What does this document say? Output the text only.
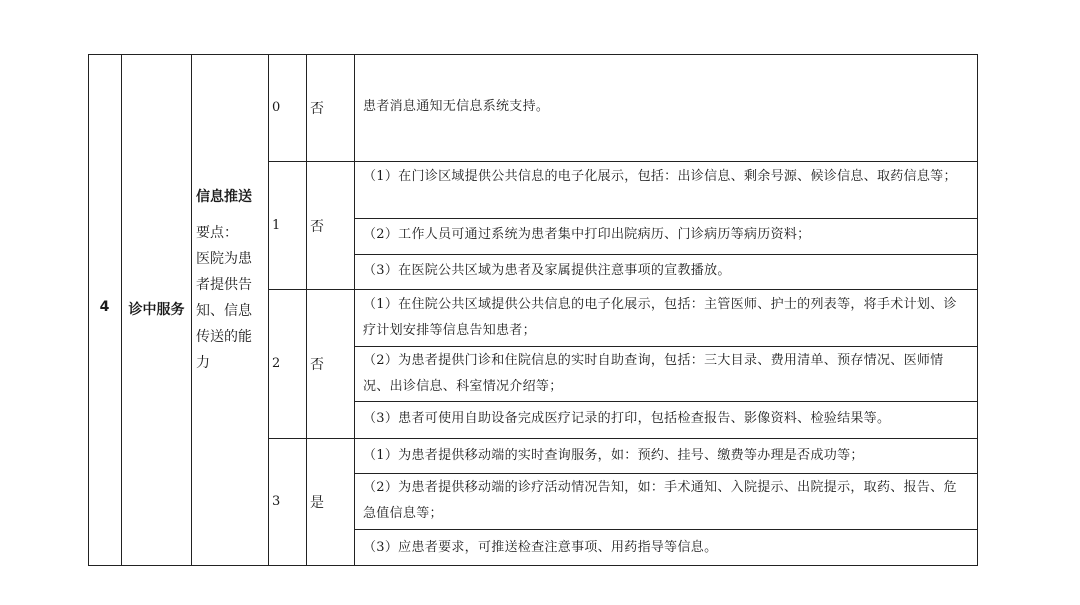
4	诊中服务
信息推送
要点：
医院为患
者提供告
知、信息
传送的能
力
0
1
2
3
否
否
否
是
患者消息通知无信息系统支持。
（1）在门诊区域提供公共信息的电子化展示，包括：出诊信息、剩余号源、候诊信息、取药信息等；
（2）工作人员可通过系统为患者集中打印出院病历、门诊病历等病历资料；
（3）在医院公共区域为患者及家属提供注意事项的宣教播放。
（1）在住院公共区域提供公共信息的电子化展示，包括：主管医师、护士的列表等，将手术计划、诊疗计划安排等信息告知患者；
（2）为患者提供门诊和住院信息的实时自助查询，包括：三大目录、费用清单、预存情况、医师情况、出诊信息、科室情况介绍等；
（3）患者可使用自助设备完成医疗记录的打印，包括检查报告、影像资料、检验结果等。
（1）为患者提供移动端的实时查询服务，如：预约、挂号、缴费等办理是否成功等；
（2）为患者提供移动端的诊疗活动情况告知，如：手术通知、入院提示、出院提示，取药、报告、危急值信息等；
（3）应患者要求，可推送检查注意事项、用药指导等信息。
